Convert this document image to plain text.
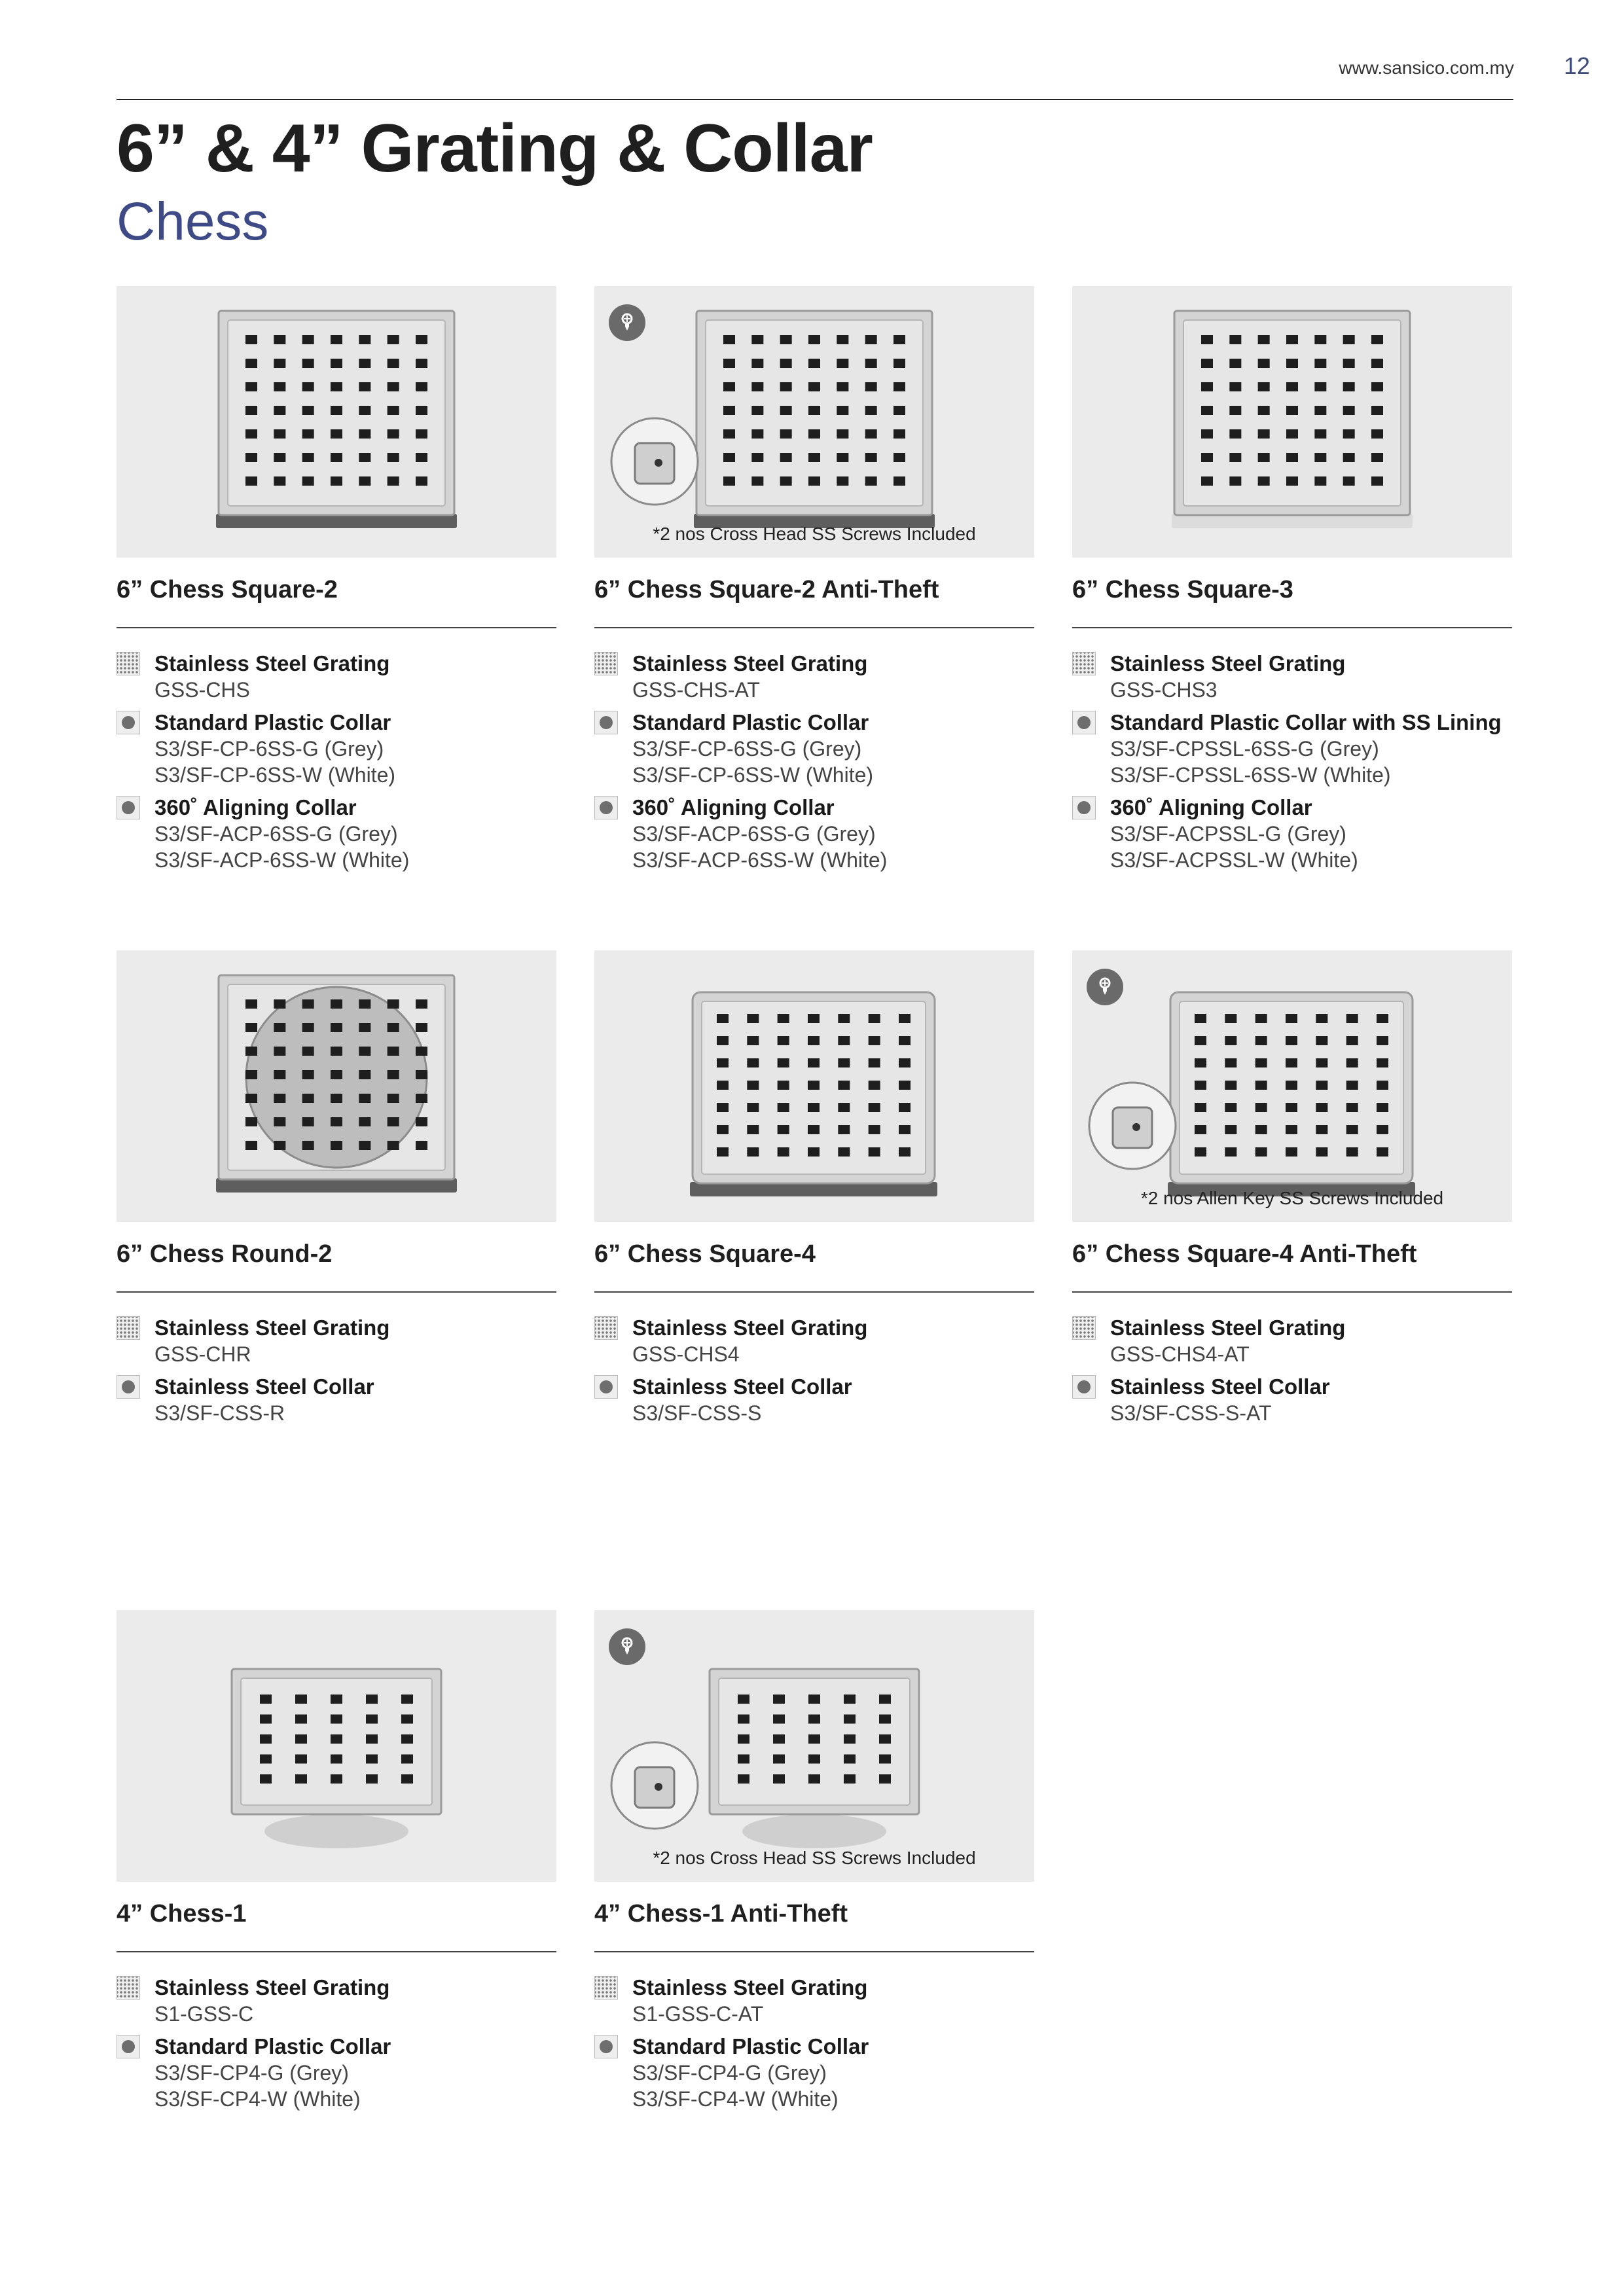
www.sansico.com.my 12
6” & 4” Grating & Collar
Chess
6” Chess Square-2
Stainless Steel Grating
GSS-CHS
Standard Plastic Collar
S3/SF-CP-6SS-G (Grey)
S3/SF-CP-6SS-W (White)
360˚ Aligning Collar
S3/SF-ACP-6SS-G (Grey)
S3/SF-ACP-6SS-W (White)
*2 nos Cross Head SS Screws Included
6” Chess Square-2 Anti-Theft
Stainless Steel Grating
GSS-CHS-AT
Standard Plastic Collar
S3/SF-CP-6SS-G (Grey)
S3/SF-CP-6SS-W (White)
360˚ Aligning Collar
S3/SF-ACP-6SS-G (Grey)
S3/SF-ACP-6SS-W (White)
6” Chess Square-3
Stainless Steel Grating
GSS-CHS3
Standard Plastic Collar with SS Lining
S3/SF-CPSSL-6SS-G (Grey)
S3/SF-CPSSL-6SS-W (White)
360˚ Aligning Collar
S3/SF-ACPSSL-G (Grey)
S3/SF-ACPSSL-W (White)
6” Chess Round-2
Stainless Steel Grating
GSS-CHR
Stainless Steel Collar
S3/SF-CSS-R
6” Chess Square-4
Stainless Steel Grating
GSS-CHS4
Stainless Steel Collar
S3/SF-CSS-S
*2 nos Allen Key SS Screws Included
6” Chess Square-4 Anti-Theft
Stainless Steel Grating
GSS-CHS4-AT
Stainless Steel Collar
S3/SF-CSS-S-AT
4” Chess-1
Stainless Steel Grating
S1-GSS-C
Standard Plastic Collar
S3/SF-CP4-G (Grey)
S3/SF-CP4-W (White)
*2 nos Cross Head SS Screws Included
4” Chess-1 Anti-Theft
Stainless Steel Grating
S1-GSS-C-AT
Standard Plastic Collar
S3/SF-CP4-G (Grey)
S3/SF-CP4-W (White)
